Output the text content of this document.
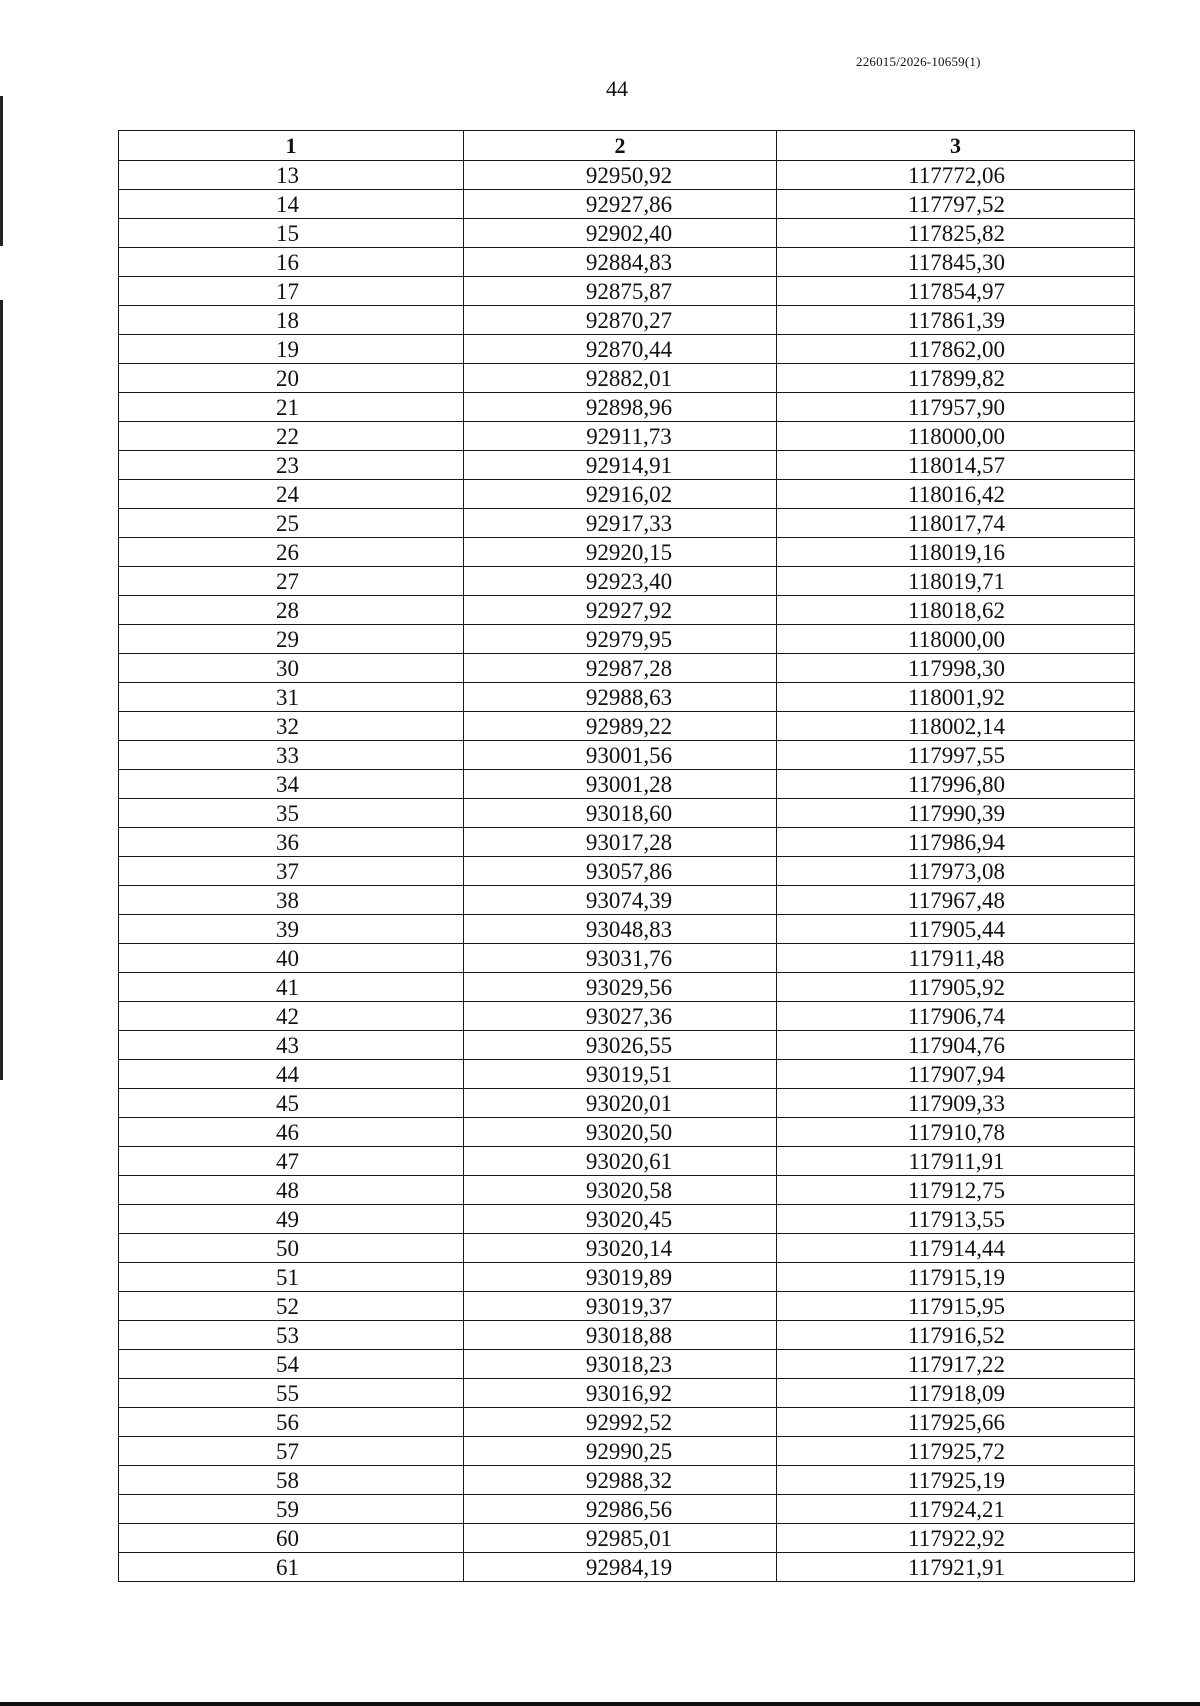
226015/2026-10659(1)
44
1	2	3
13	92950,92	117772,06
14	92927,86	117797,52
15	92902,40	117825,82
16	92884,83	117845,30
17	92875,87	117854,97
18	92870,27	117861,39
19	92870,44	117862,00
20	92882,01	117899,82
21	92898,96	117957,90
22	92911,73	118000,00
23	92914,91	118014,57
24	92916,02	118016,42
25	92917,33	118017,74
26	92920,15	118019,16
27	92923,40	118019,71
28	92927,92	118018,62
29	92979,95	118000,00
30	92987,28	117998,30
31	92988,63	118001,92
32	92989,22	118002,14
33	93001,56	117997,55
34	93001,28	117996,80
35	93018,60	117990,39
36	93017,28	117986,94
37	93057,86	117973,08
38	93074,39	117967,48
39	93048,83	117905,44
40	93031,76	117911,48
41	93029,56	117905,92
42	93027,36	117906,74
43	93026,55	117904,76
44	93019,51	117907,94
45	93020,01	117909,33
46	93020,50	117910,78
47	93020,61	117911,91
48	93020,58	117912,75
49	93020,45	117913,55
50	93020,14	117914,44
51	93019,89	117915,19
52	93019,37	117915,95
53	93018,88	117916,52
54	93018,23	117917,22
55	93016,92	117918,09
56	92992,52	117925,66
57	92990,25	117925,72
58	92988,32	117925,19
59	92986,56	117924,21
60	92985,01	117922,92
61	92984,19	117921,91
